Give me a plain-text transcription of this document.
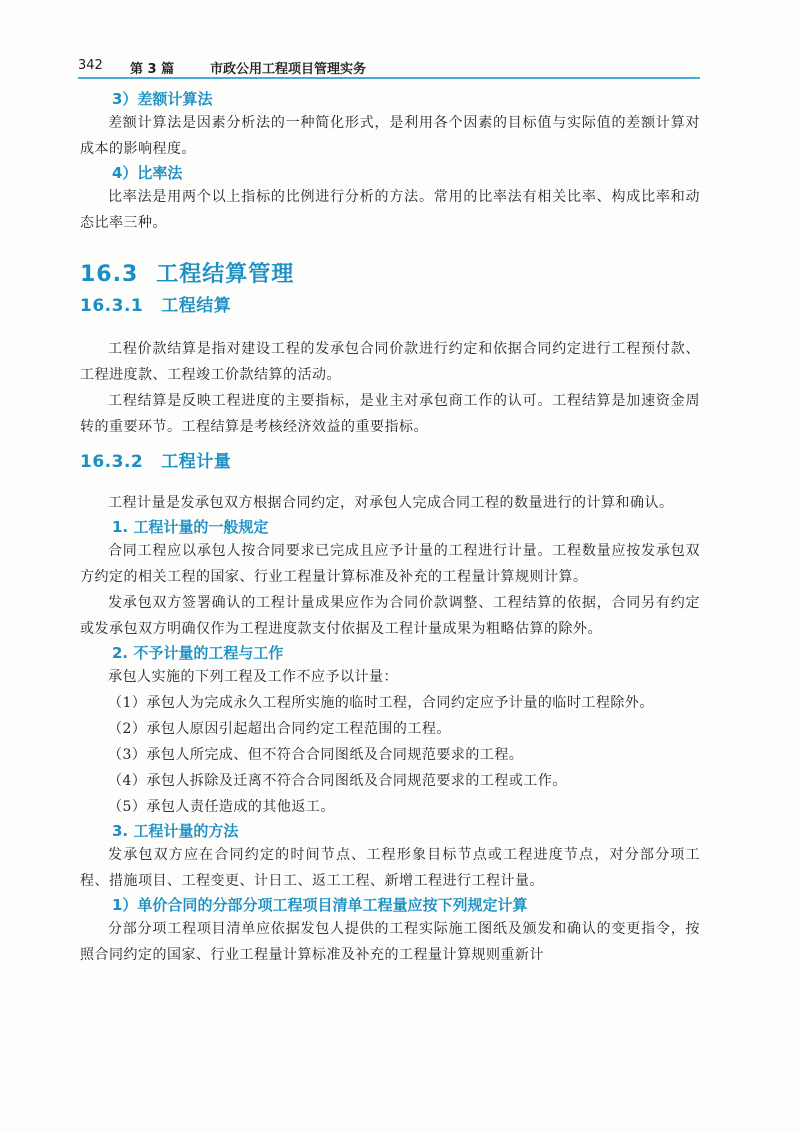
342 第 3 篇	市政公用工程项目管理实务

3）差额计算法

差额计算法是因素分析法的一种简化形式，是利用各个因素的目标值与实际值的差额计算对成本的影响程度。

4）比率法

比率法是用两个以上指标的比例进行分析的方法。常用的比率法有相关比率、构成比率和动态比率三种。

16.3 工程结算管理

16.3.1 工程结算

工程价款结算是指对建设工程的发承包合同价款进行约定和依据合同约定进行工程预付款、工程进度款、工程竣工价款结算的活动。

工程结算是反映工程进度的主要指标，是业主对承包商工作的认可。工程结算是加速资金周转的重要环节。工程结算是考核经济效益的重要指标。

16.3.2 工程计量

工程计量是发承包双方根据合同约定，对承包人完成合同工程的数量进行的计算和确认。

1. 工程计量的一般规定

合同工程应以承包人按合同要求已完成且应予计量的工程进行计量。工程数量应按发承包双方约定的相关工程的国家、行业工程量计算标准及补充的工程量计算规则计算。

发承包双方签署确认的工程计量成果应作为合同价款调整、工程结算的依据，合同另有约定或发承包双方明确仅作为工程进度款支付依据及工程计量成果为粗略估算的除外。

2. 不予计量的工程与工作

承包人实施的下列工程及工作不应予以计量：

（1）承包人为完成永久工程所实施的临时工程，合同约定应予计量的临时工程除外。

（2）承包人原因引起超出合同约定工程范围的工程。

（3）承包人所完成、但不符合合同图纸及合同规范要求的工程。

（4）承包人拆除及迁离不符合合同图纸及合同规范要求的工程或工作。

（5）承包人责任造成的其他返工。

3. 工程计量的方法

发承包双方应在合同约定的时间节点、工程形象目标节点或工程进度节点，对分部分项工程、措施项目、工程变更、计日工、返工工程、新增工程进行工程计量。

1）单价合同的分部分项工程项目清单工程量应按下列规定计算

分部分项工程项目清单应依据发包人提供的工程实际施工图纸及颁发和确认的变更指令，按照合同约定的国家、行业工程量计算标准及补充的工程量计算规则重新计
